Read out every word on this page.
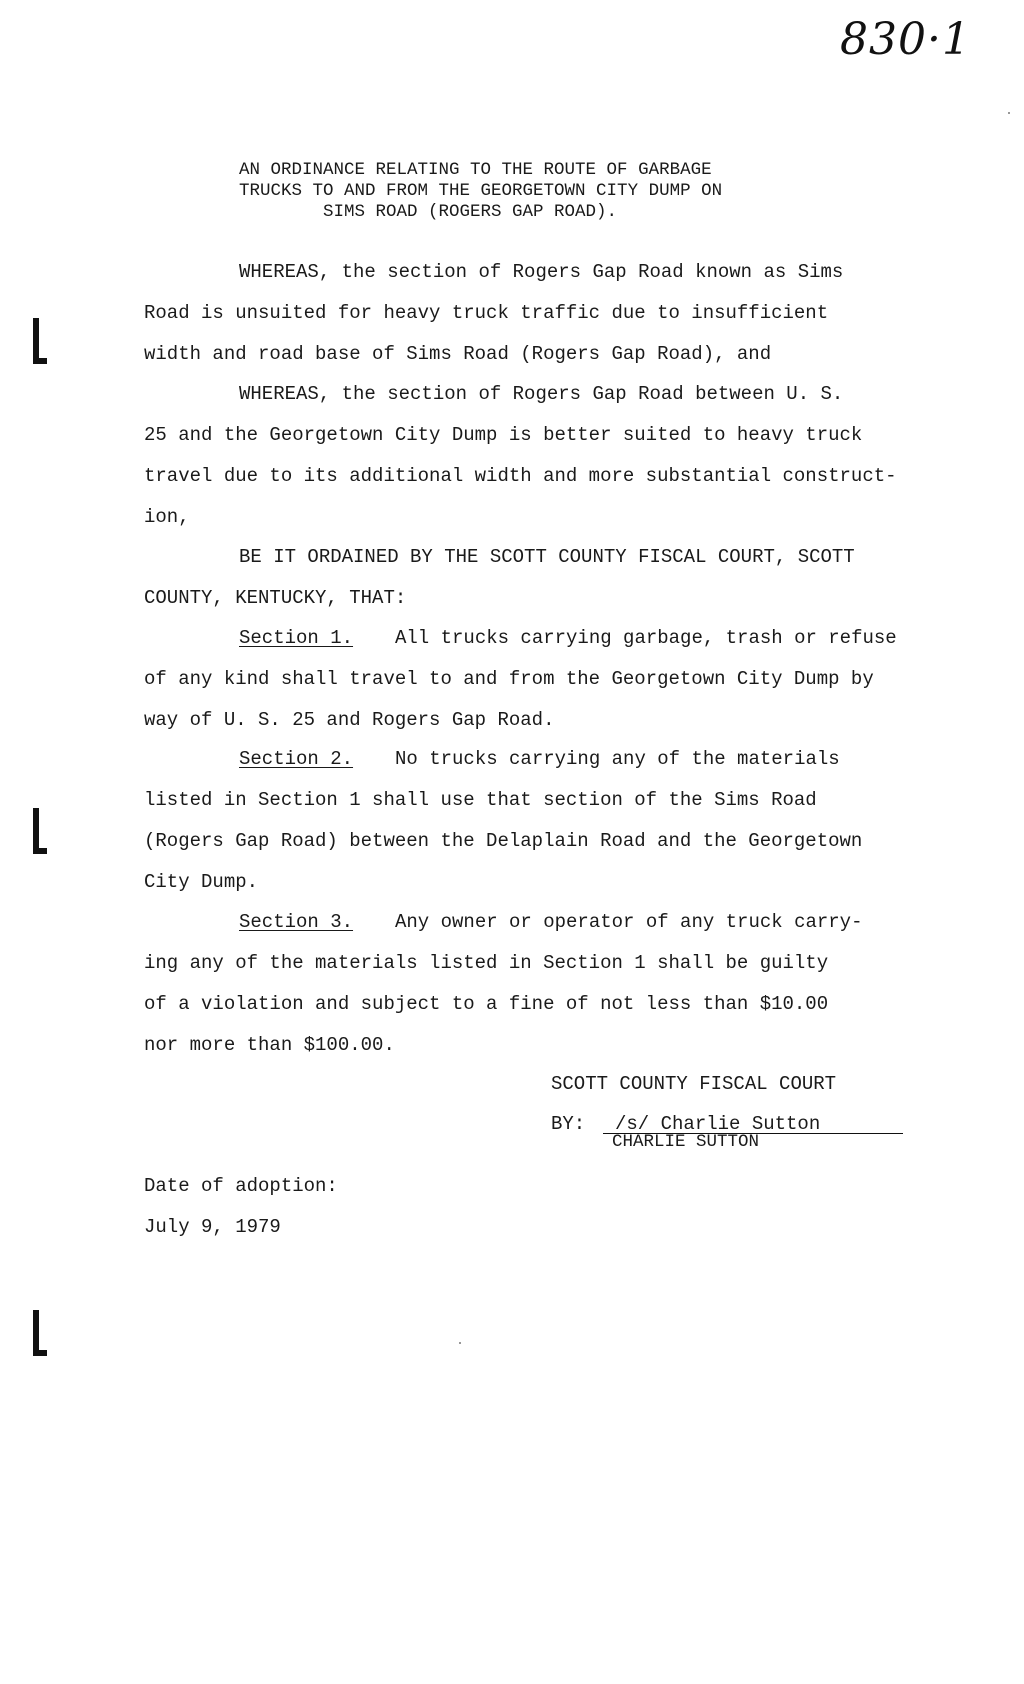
830·1
AN ORDINANCE RELATING TO THE ROUTE OF GARBAGE
TRUCKS TO AND FROM THE GEORGETOWN CITY DUMP ON
SIMS ROAD (ROGERS GAP ROAD).
WHEREAS, the section of Rogers Gap Road known as Sims
Road is unsuited for heavy truck traffic due to insufficient
width and road base of Sims Road (Rogers Gap Road), and
WHEREAS, the section of Rogers Gap Road between U. S.
25 and the Georgetown City Dump is better suited to heavy truck
travel due to its additional width and more substantial construct-
ion,
BE IT ORDAINED BY THE SCOTT COUNTY FISCAL COURT, SCOTT
COUNTY, KENTUCKY, THAT:
Section 1. All trucks carrying garbage, trash or refuse
of any kind shall travel to and from the Georgetown City Dump by
way of U. S. 25 and Rogers Gap Road.
Section 2. No trucks carrying any of the materials
listed in Section 1 shall use that section of the Sims Road
(Rogers Gap Road) between the Delaplain Road and the Georgetown
City Dump.
Section 3. Any owner or operator of any truck carry-
ing any of the materials listed in Section 1 shall be guilty
of a violation and subject to a fine of not less than $10.00
nor more than $100.00.
SCOTT COUNTY FISCAL COURT
BY: /s/ Charlie Sutton
CHARLIE SUTTON
Date of adoption:
July 9, 1979
